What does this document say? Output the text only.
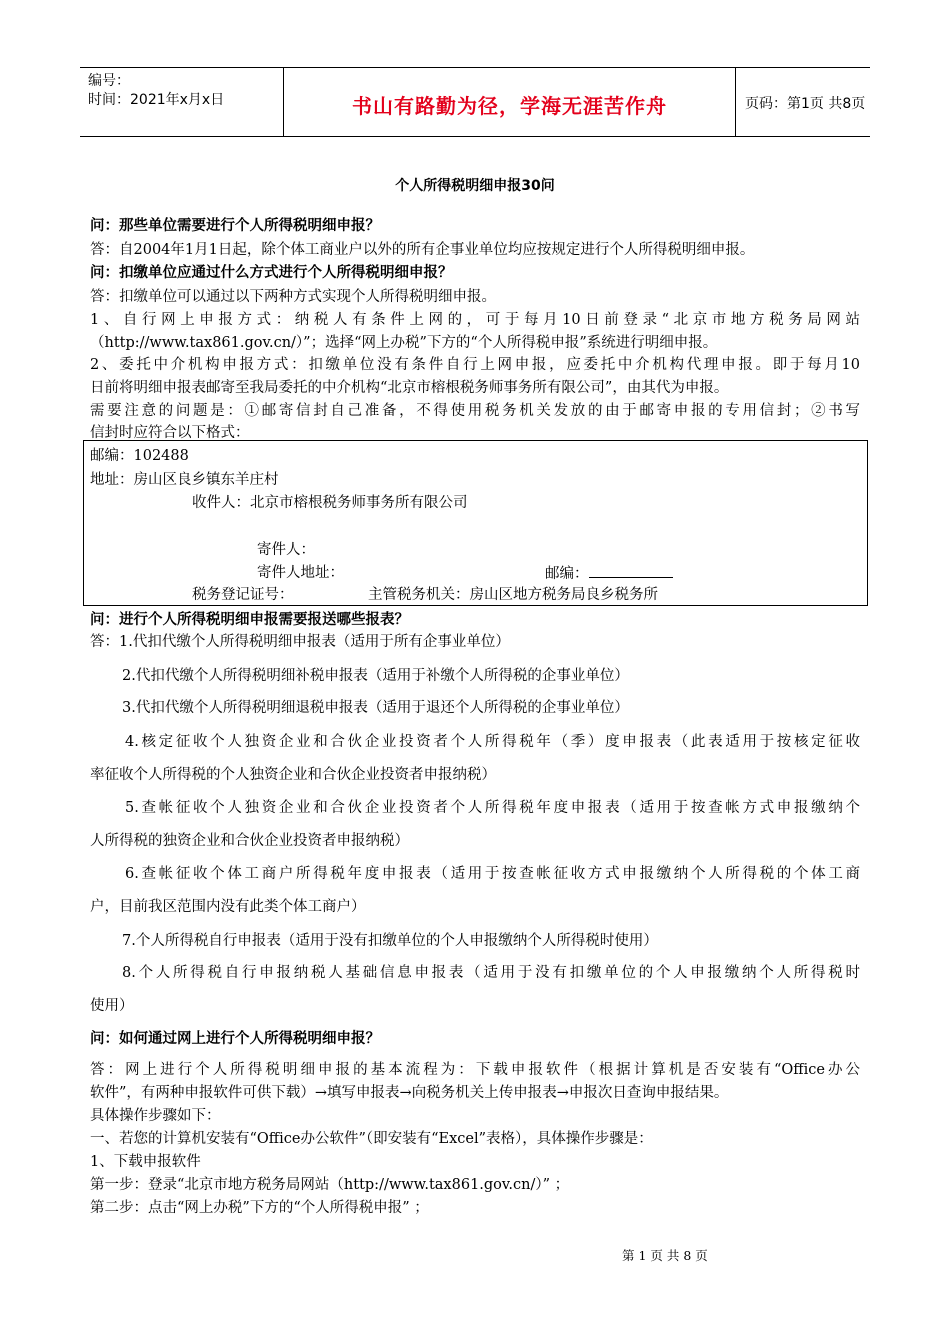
编号：
时间：2021年x月x日	书山有路勤为径，学海无涯苦作舟	页码：第1页 共8页
个人所得税明细申报30问
问：那些单位需要进行个人所得税明细申报？
答：自2004年1月1日起，除个体工商业户以外的所有企事业单位均应按规定进行个人所得税明细申报。
问：扣缴单位应通过什么方式进行个人所得税明细申报？
答：扣缴单位可以通过以下两种方式实现个人所得税明细申报。
1、自行网上申报方式：纳税人有条件上网的，可于每月10日前登录“北京市地方税务局网站
（http://www.tax861.gov.cn/）”；选择“网上办税”下方的“个人所得税申报”系统进行明细申报。
2、委托中介机构申报方式：扣缴单位没有条件自行上网申报，应委托中介机构代理申报。即于每月10
日前将明细申报表邮寄至我局委托的中介机构“北京市榕根税务师事务所有限公司”，由其代为申报。
需要注意的问题是：①邮寄信封自己准备，不得使用税务机关发放的由于邮寄申报的专用信封；②书写
信封时应符合以下格式：
邮编：102488
地址：房山区良乡镇东羊庄村
收件人：北京市榕根税务师事务所有限公司
寄件人：
寄件人地址：	邮编：
税务登记证号：	主管税务机关：房山区地方税务局良乡税务所
问：进行个人所得税明细申报需要报送哪些报表？
答：1.代扣代缴个人所得税明细申报表（适用于所有企事业单位）
2.代扣代缴个人所得税明细补税申报表（适用于补缴个人所得税的企事业单位）
3.代扣代缴个人所得税明细退税申报表（适用于退还个人所得税的企事业单位）
4.核定征收个人独资企业和合伙企业投资者个人所得税年（季）度申报表（此表适用于按核定征收
率征收个人所得税的个人独资企业和合伙企业投资者申报纳税）
5.查帐征收个人独资企业和合伙企业投资者个人所得税年度申报表（适用于按查帐方式申报缴纳个
人所得税的独资企业和合伙企业投资者申报纳税）
6.查帐征收个体工商户所得税年度申报表（适用于按查帐征收方式申报缴纳个人所得税的个体工商
户，目前我区范围内没有此类个体工商户）
7.个人所得税自行申报表（适用于没有扣缴单位的个人申报缴纳个人所得税时使用）
8.个人所得税自行申报纳税人基础信息申报表（适用于没有扣缴单位的个人申报缴纳个人所得税时
使用）
问：如何通过网上进行个人所得税明细申报？
答：网上进行个人所得税明细申报的基本流程为：下载申报软件（根据计算机是否安装有“Office办公
软件”，有两种申报软件可供下载）→填写申报表→向税务机关上传申报表→申报次日查询申报结果。
具体操作步骤如下：
一、若您的计算机安装有“Office办公软件”（即安装有“Excel”表格），具体操作步骤是：
1、下载申报软件
第一步：登录“北京市地方税务局网站（http://www.tax861.gov.cn/）” ；
第二步：点击“网上办税”下方的“个人所得税申报” ；
第 1 页 共 8 页
